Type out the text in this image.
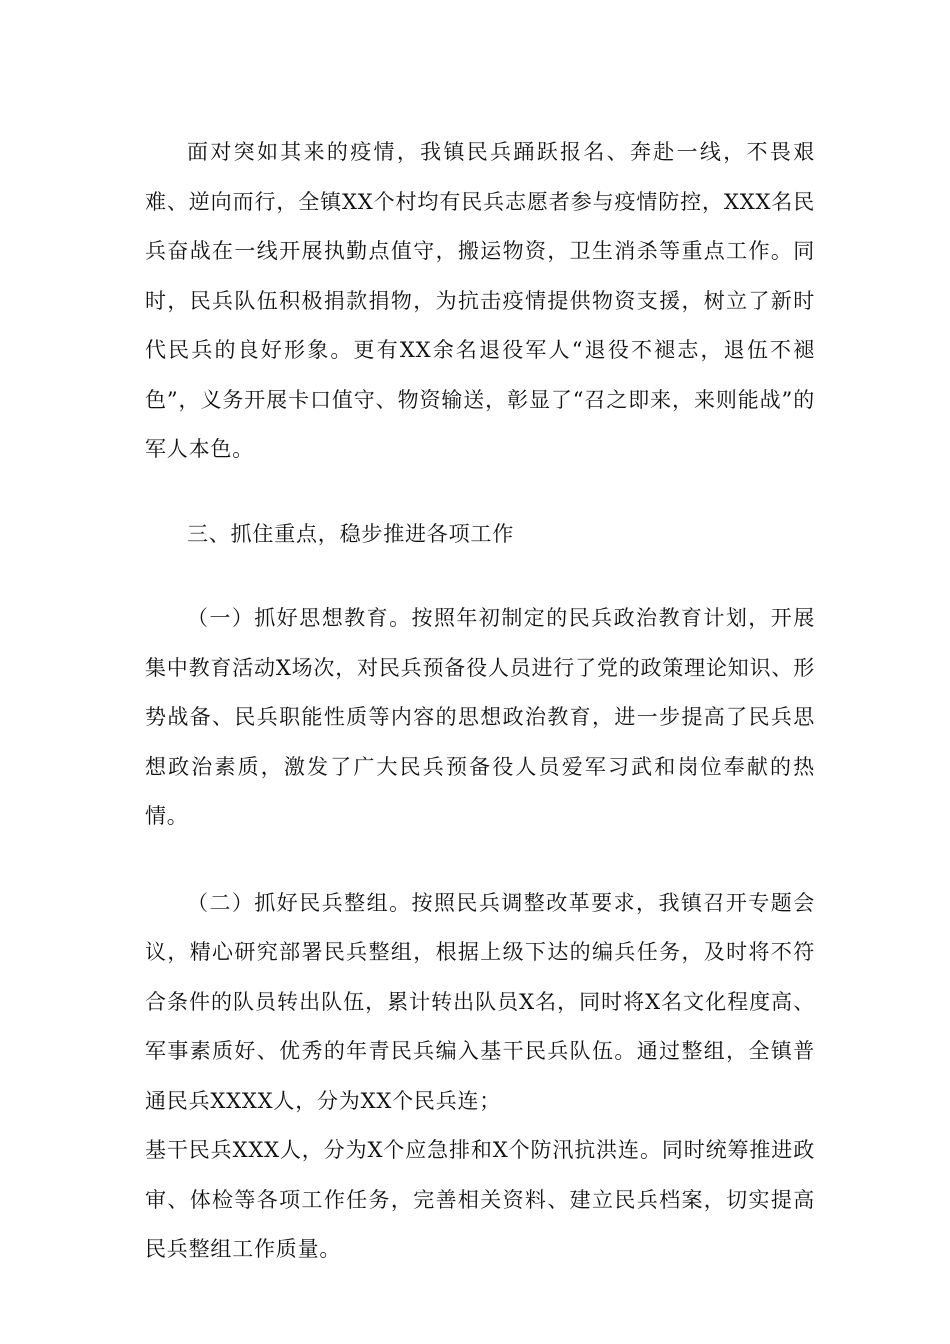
面对突如其来的疫情，我镇民兵踊跃报名、奔赴一线，不畏艰难、逆向而行，全镇XX个村均有民兵志愿者参与疫情防控，XXX名民兵奋战在一线开展执勤点值守，搬运物资，卫生消杀等重点工作。同时，民兵队伍积极捐款捐物，为抗击疫情提供物资支援，树立了新时代民兵的良好形象。更有XX余名退役军人“退役不褪志，退伍不褪色”，义务开展卡口值守、物资输送，彰显了“召之即来，来则能战”的军人本色。

三、抓住重点，稳步推进各项工作

（一）抓好思想教育。按照年初制定的民兵政治教育计划，开展集中教育活动X场次，对民兵预备役人员进行了党的政策理论知识、形势战备、民兵职能性质等内容的思想政治教育，进一步提高了民兵思想政治素质，激发了广大民兵预备役人员爱军习武和岗位奉献的热情。

（二）抓好民兵整组。按照民兵调整改革要求，我镇召开专题会议，精心研究部署民兵整组，根据上级下达的编兵任务，及时将不符合条件的队员转出队伍，累计转出队员X名，同时将X名文化程度高、军事素质好、优秀的年青民兵编入基干民兵队伍。通过整组，全镇普通民兵XXXX人，分为XX个民兵连；

基干民兵XXX人，分为X个应急排和X个防汛抗洪连。同时统筹推进政审、体检等各项工作任务，完善相关资料、建立民兵档案，切实提高民兵整组工作质量。
